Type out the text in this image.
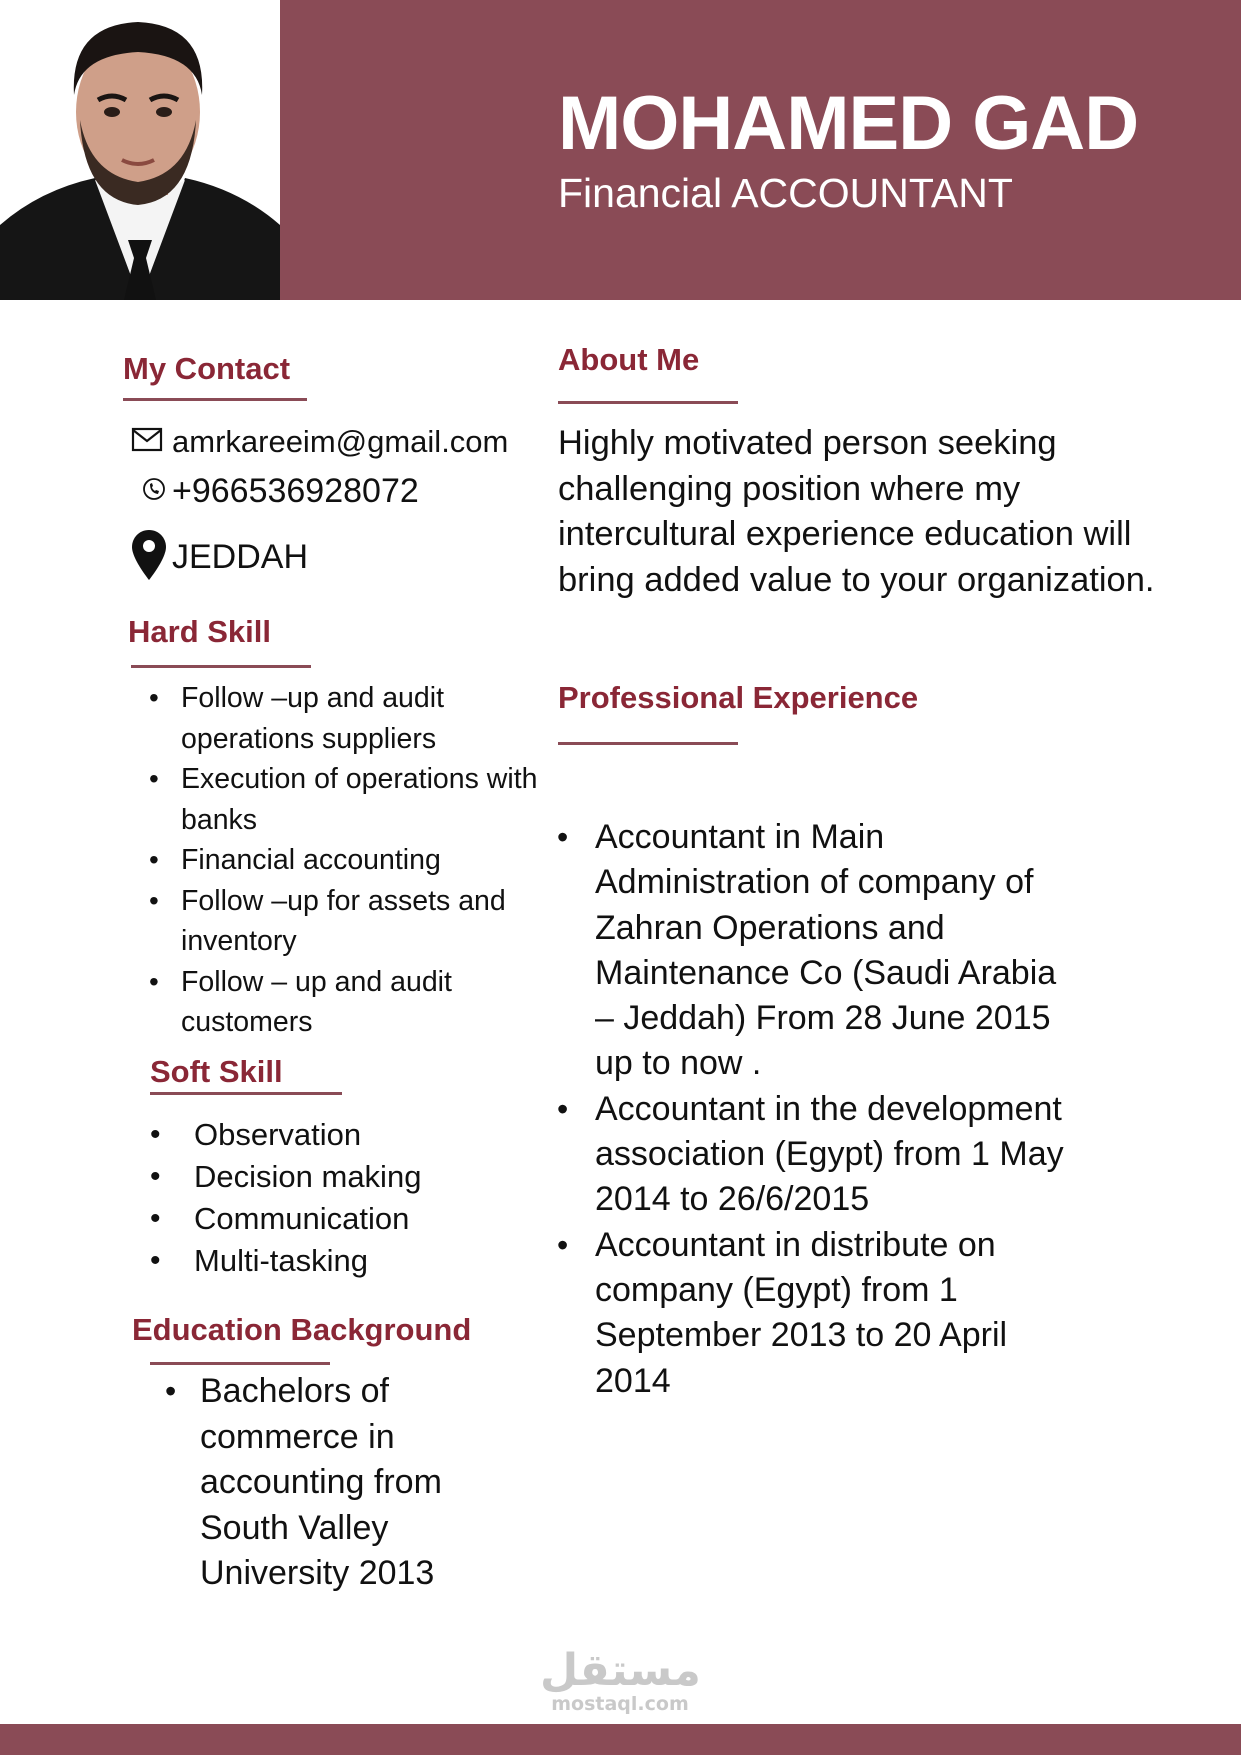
MOHAMED GAD

Financial ACCOUNTANT

My Contact
amrkareeim@gmail.com
+966536928072
JEDDAH
Hard Skill
• Follow –up and audit operations suppliers
• Execution of operations with banks
• Financial accounting
• Follow –up for assets and inventory
• Follow – up and audit customers
Soft Skill
• Observation
• Decision making
• Communication
• Multi-tasking
Education Background
• Bachelors of commerce in accounting from South Valley University 2013
About Me

Highly motivated person seeking challenging position where my intercultural experience education will bring added value to your organization.

Professional Experience
• Accountant in Main Administration of company of Zahran Operations and Maintenance Co (Saudi Arabia – Jeddah) From 28 June 2015 up to now .
• Accountant in the development association (Egypt) from 1 May 2014 to 26/6/2015
• Accountant in distribute on company (Egypt) from 1 September 2013 to 20 April 2014
مستقل
mostaql.com
